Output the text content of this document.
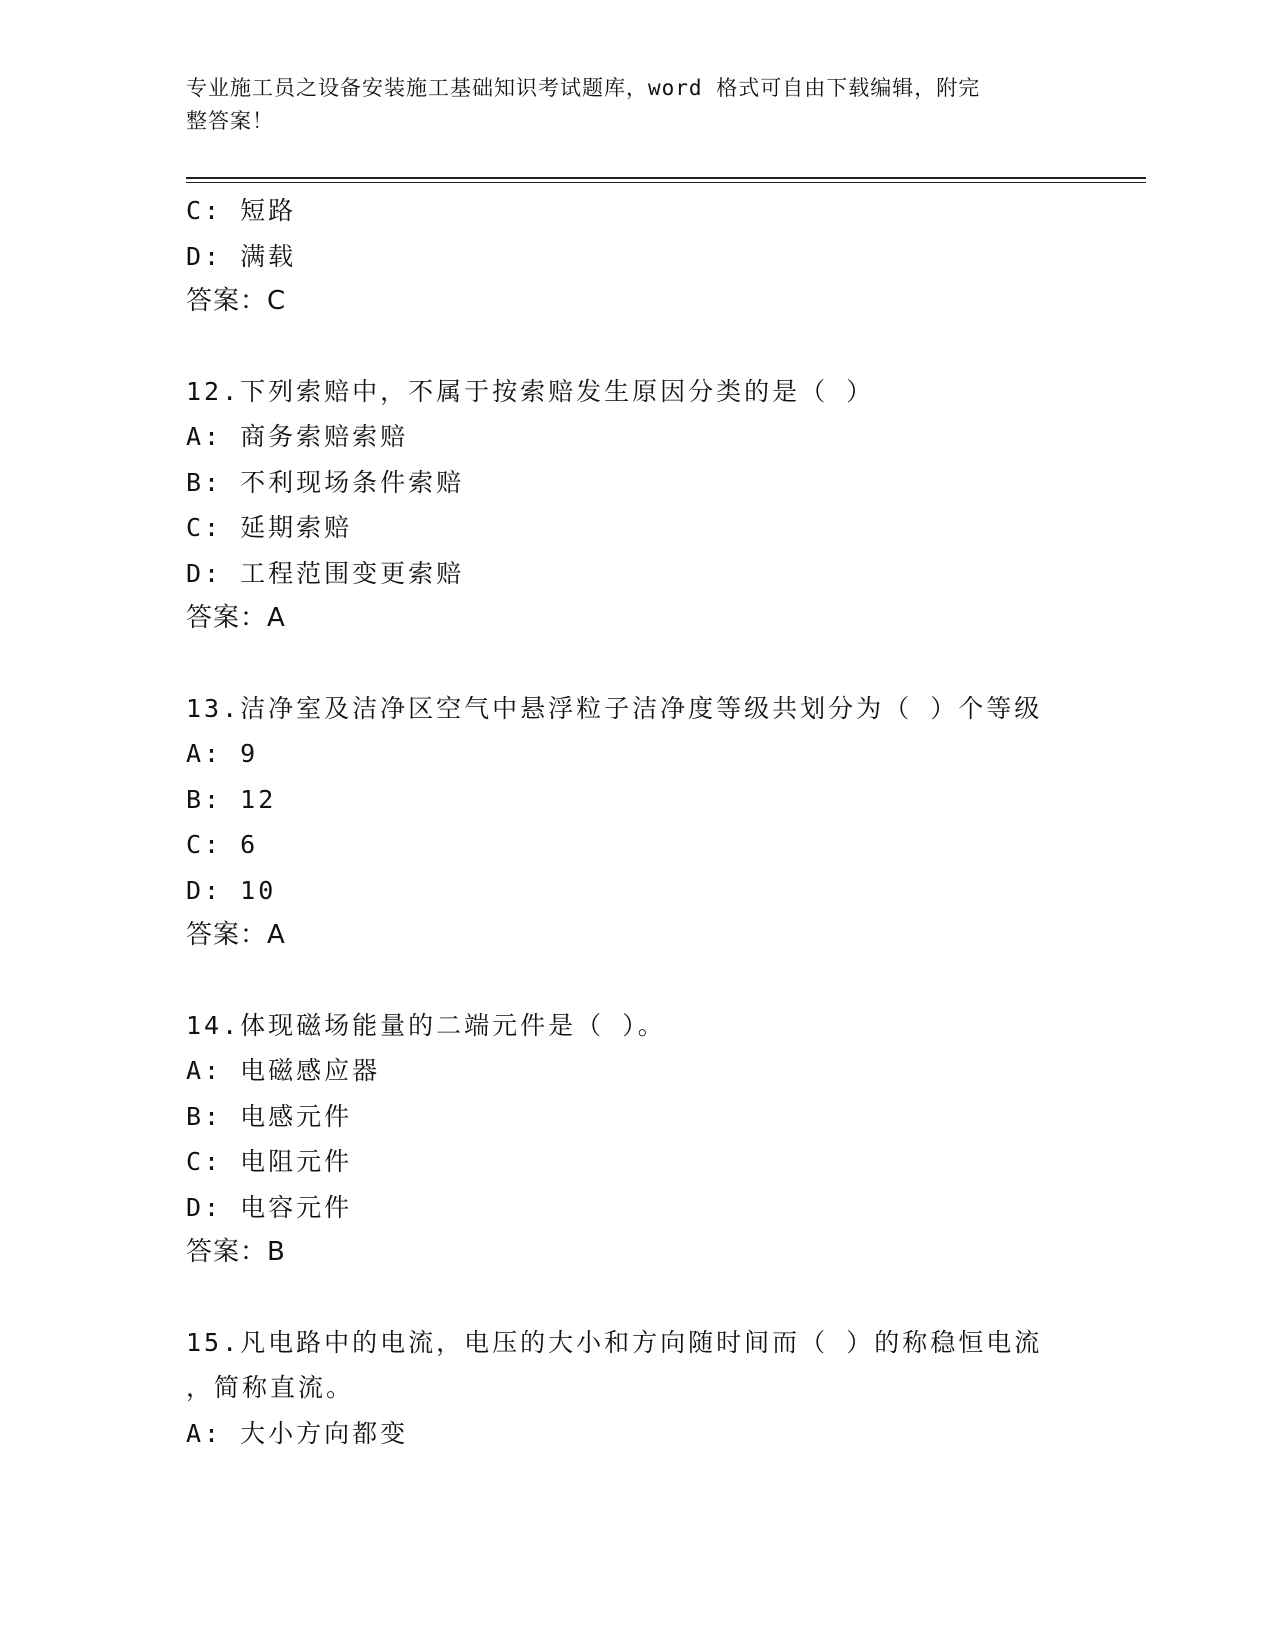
专业施工员之设备安装施工基础知识考试题库，word 格式可自由下载编辑，附完
整答案！
C: 短路
D: 满载
答案：C
12.下列索赔中，不属于按索赔发生原因分类的是（ ）
A: 商务索赔索赔
B: 不利现场条件索赔
C: 延期索赔
D: 工程范围变更索赔
答案：A
13.洁净室及洁净区空气中悬浮粒子洁净度等级共划分为（ ）个等级
A: 9
B: 12
C: 6
D: 10
答案：A
14.体现磁场能量的二端元件是（ ）。
A: 电磁感应器
B: 电感元件
C: 电阻元件
D: 电容元件
答案：B
15.凡电路中的电流，电压的大小和方向随时间而（ ）的称稳恒电流
，简称直流。
A: 大小方向都变
